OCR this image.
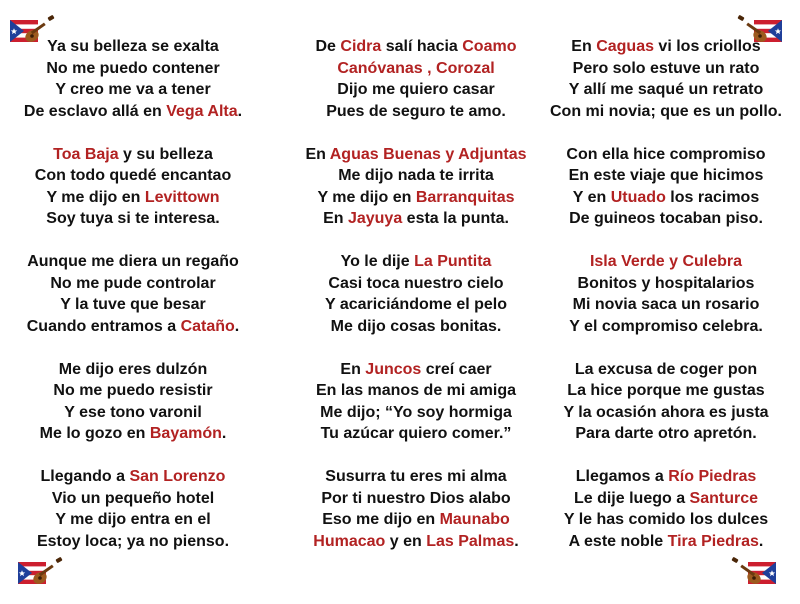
Ya su belleza se exalta
No me puedo contener
Y creo me va a tener
De esclavo allá en Vega Alta.
Toa Baja y su belleza
Con todo quedé encantao
Y me dijo en Levittown
Soy tuya si te interesa.
Aunque me diera un regaño
No me pude controlar
Y la tuve que besar
Cuando entramos a Cataño.
Me dijo eres dulzón
No me puedo resistir
Y ese tono varonil
Me lo gozo en Bayamón.
Llegando a San Lorenzo
Vio un pequeño hotel
Y me dijo entra en el
Estoy loca; ya no pienso.
De Cidra salí hacia Coamo
Canóvanas , Corozal
Dijo me quiero casar
Pues de seguro te amo.
En Aguas Buenas y Adjuntas
Me dijo nada te irrita
Y me dijo en Barranquitas
En Jayuya esta la punta.
Yo le dije La Puntita
Casi toca nuestro cielo
Y acariciándome el pelo
Me dijo cosas bonitas.
En Juncos creí caer
En las manos de mi amiga
Me dijo; “Yo soy hormiga
Tu azúcar quiero comer.”
Susurra tu eres mi alma
Por ti nuestro Dios alabo
Eso me dijo en Maunabo
Humacao y en Las Palmas.
En Caguas vi los criollos
Pero solo estuve un rato
Y allí me saqué un retrato
Con mi novia; que es un pollo.
Con ella hice compromiso
En este viaje que hicimos
Y en Utuado los racimos
De guineos tocaban piso.
Isla Verde y Culebra
Bonitos y hospitalarios
Mi novia saca un rosario
Y el compromiso celebra.
La excusa de coger pon
La hice porque me gustas
Y la ocasión ahora es justa
Para darte otro apretón.
Llegamos a Río Piedras
Le dije luego a Santurce
Y le has comido los dulces
A este noble Tira Piedras.
